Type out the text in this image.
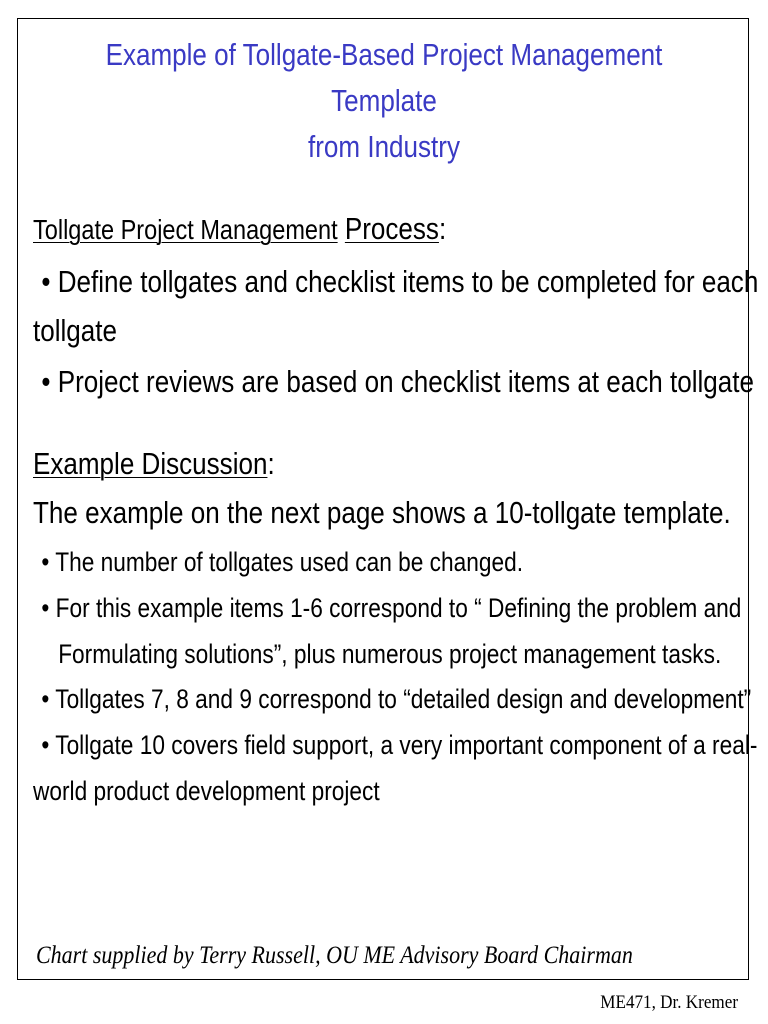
Example of Tollgate-Based Project Management Template
from Industry
Tollgate Project Management Process:
• Define tollgates and checklist items to be completed for each
tollgate
• Project reviews are based on checklist items at each tollgate
Example Discussion:
The example on the next page shows a 10-tollgate template.
• The number of tollgates used can be changed.
• For this example items 1-6 correspond to “ Defining the problem and
Formulating solutions”, plus numerous project management tasks.
• Tollgates 7, 8 and 9 correspond to “detailed design and development”
• Tollgate 10 covers field support, a very important component of a real-
world product development project
Chart supplied by Terry Russell, OU ME Advisory Board Chairman
ME471, Dr. Kremer
